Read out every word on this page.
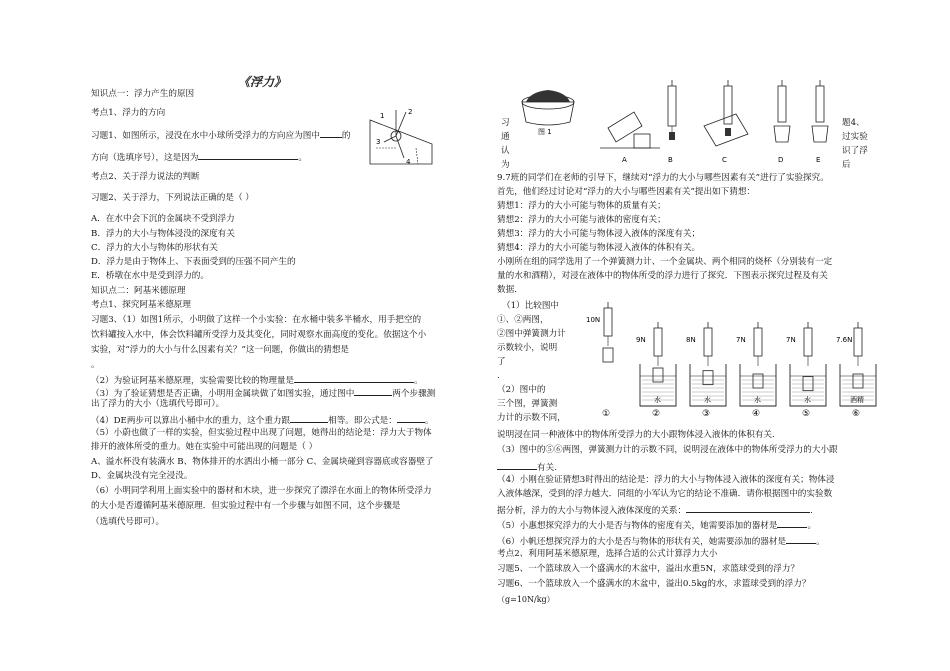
《浮力》
知识点一：浮力产生的原因
考点1、浮力的方向
习题1、如图所示，浸没在水中小球所受浮力的方向应为图中	的
方向（选填序号），这是因为	。
1	2
3
4
考点2、关于浮力说法的判断
习题2、关于浮力，下列说法正确的是（ ）
A．在水中会下沉的金属块不受到浮力
B．浮力的大小与物体浸没的深度有关
C．浮力的大小与物体的形状有关
D．浮力是由于物体上、下表面受到的压强不同产生的
E．桥墩在水中是受到浮力的。
知识点二：阿基米德原理
考点1、探究阿基米德原理
习题3、（1）如图1所示，小明做了这样一个小实验：在水桶中装多半桶水，用手把空的
饮料罐按入水中，体会饮料罐所受浮力及其变化，同时观察水面高度的变化。依据这个小
实验，对“浮力的大小与什么因素有关？”这一问题，你做出的猜想是
。
（2）为验证阿基米德原理，实验需要比较的物理量是	。
（3）为了验证猜想是否正确，小明用金属块做了如图实验，通过图中	两个步骤测
出了浮力的大小（选填代号即可）。
（4）DE两步可以算出小桶中水的重力，这个重力跟	相等。即公式是：	。
（5）小蔚也做了一样的实验，但实验过程中出现了问题，她得出的结论是：浮力大于物体
排开的液体所受的重力。她在实验中可能出现的问题是（ ）
A、溢水杯没有装满水 B、物体排开的水洒出小桶一部分 C、金属块碰到容器底或容器壁了
D、金属块没有完全浸没。
（6）小明同学利用上面实验中的器材和木块，进一步探究了漂浮在水面上的物体所受浮力
的大小是否遵循阿基米德原理．但实验过程中有一个步骤与如图不同，这个步骤是
（选填代号即可）。
习
通
认
为
题4、
过实验
识了浮
后
图 1
A	B	C	D	E
9.7班的同学们在老师的引导下，继续对“浮力的大小与哪些因素有关”进行了实验探究。
首先，他们经过讨论对“浮力的大小与哪些因素有关”提出如下猜想：
猜想1：浮力的大小可能与物体的质量有关；
猜想2：浮力的大小可能与液体的密度有关；
猜想3：浮力的大小可能与物体浸入液体的深度有关；
猜想4：浮力的大小可能与物体浸入液体的体积有关。
小刚所在组的同学选用了一个弹簧测力计、一个金属块、两个相同的烧杯（分别装有一定
量的水和酒精），对浸在液体中的物体所受的浮力进行了探究．下图表示探究过程及有关
数据．
（1）比较图中
①、②两图，
②图中弹簧测力计
示数较小，说明
了
.
（2）图中的
三个图，弹簧测
力计的示数不同，
10N
①
9N
水
②
8N
水
③
7N
水
④
7N
水
⑤
7.6N
酒精
⑥
说明浸在同一种液体中的物体所受浮力的大小跟物体浸入液体的体积有关.
（3）图中的⑤⑥两图，弹簧测力计的示数不同，说明浸在液体中的物体所受浮力的大小跟
有关.
（4）小刚在验证猜想3时得出的结论是：浮力的大小与物体浸入液体的深度有关；物体浸
入液体越深，受到的浮力越大．同组的小军认为它的结论不准确．请你根据图中的实验数
据分析，浮力的大小与物体浸入液体深度的关系：	.
（5）小惠想探究浮力的大小是否与物体的密度有关，她需要添加的器材是	。
（6）小帆还想探究浮力的大小是否与物体的形状有关，她需要添加的器材是	。
考点2、利用阿基米德原理，选择合适的公式计算浮力大小
习题5、一个篮球放入一个盛满水的木盆中，溢出水重5N，求篮球受到的浮力？
习题6、一个篮球放入一个盛满水的木盆中，溢出0.5kg的水，求篮球受到的浮力？
（g=10N/kg）
